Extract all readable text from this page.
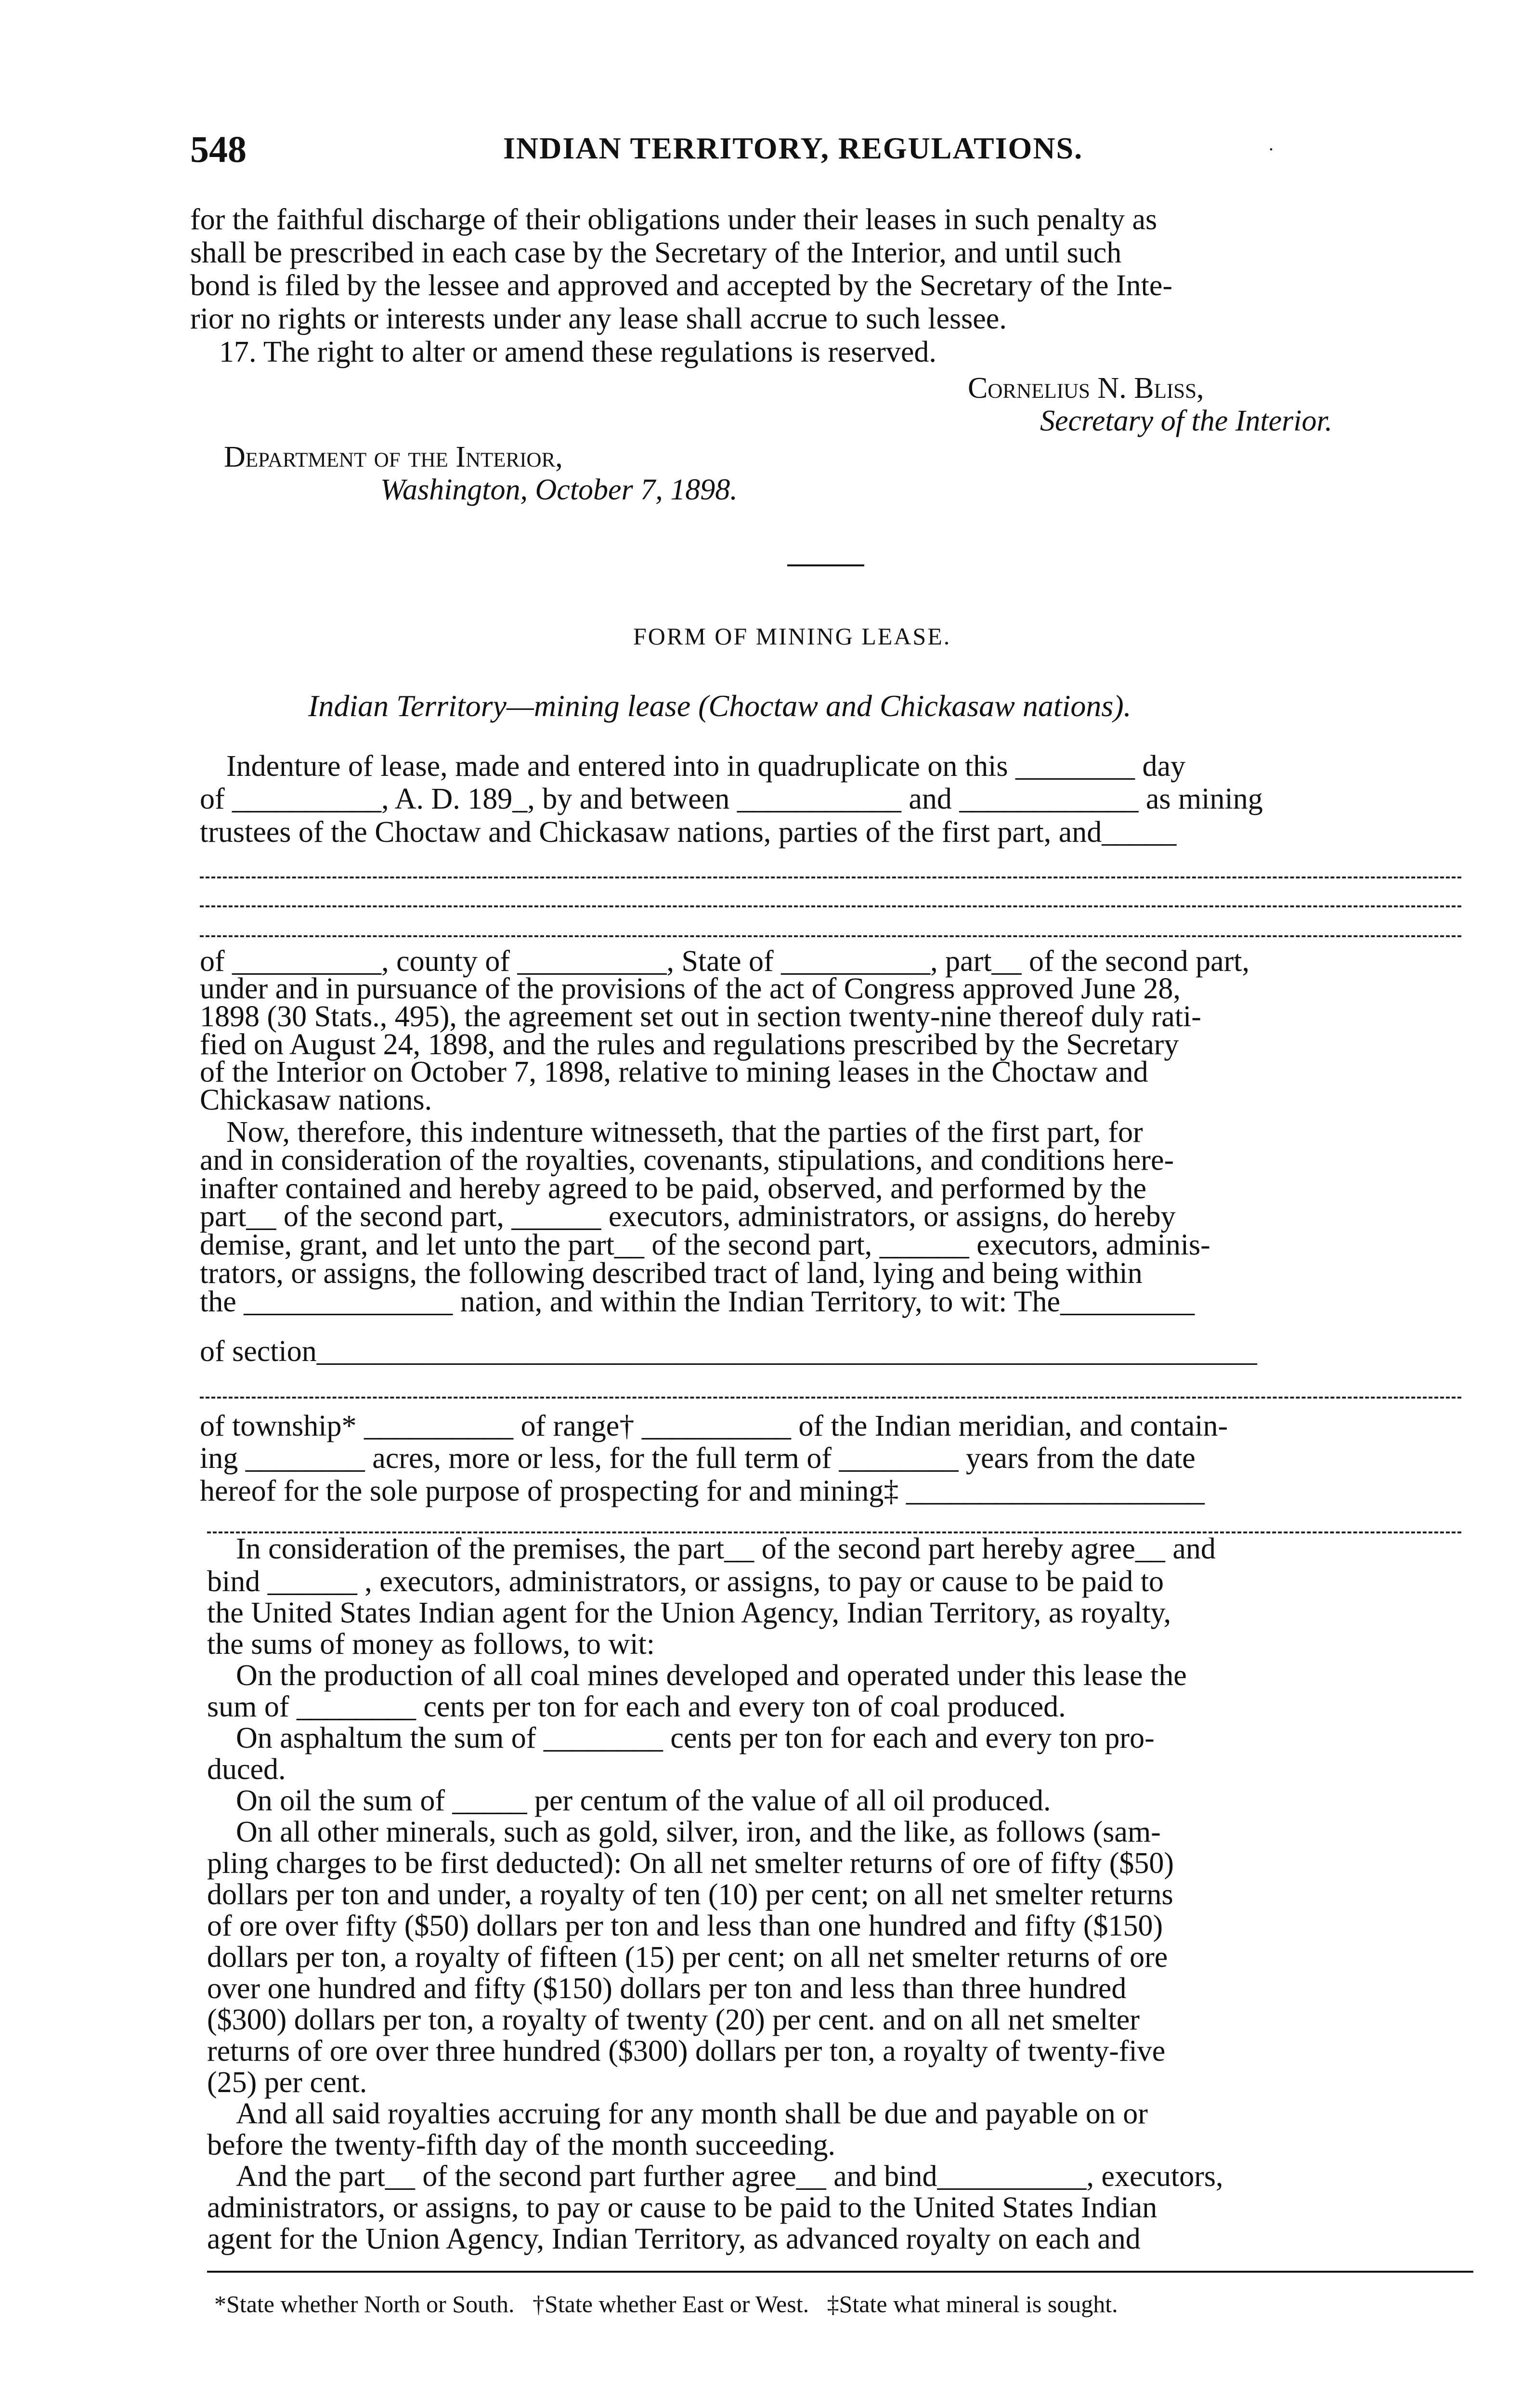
548	INDIAN TERRITORY, REGULATIONS.	.
for the faithful discharge of their obligations under their leases in such penalty as
shall be prescribed in each case by the Secretary of the Interior, and until such
bond is filed by the lessee and approved and accepted by the Secretary of the Inte-
rior no rights or interests under any lease shall accrue to such lessee.
17. The right to alter or amend these regulations is reserved.
Cornelius N. Bliss,
Secretary of the Interior.
Department of the Interior,
Washington, October 7, 1898.
FORM OF MINING LEASE.
Indian Territory—mining lease (Choctaw and Chickasaw nations).
Indenture of lease, made and entered into in quadruplicate on this ________ day
of __________, A. D. 189_, by and between ___________ and ____________ as mining
trustees of the Choctaw and Chickasaw nations, parties of the first part, and_____
of __________, county of __________, State of __________, part__ of the second part,
under and in pursuance of the provisions of the act of Congress approved June 28,
1898 (30 Stats., 495), the agreement set out in section twenty-nine thereof duly rati-
fied on August 24, 1898, and the rules and regulations prescribed by the Secretary
of the Interior on October 7, 1898, relative to mining leases in the Choctaw and
Chickasaw nations.
Now, therefore, this indenture witnesseth, that the parties of the first part, for
and in consideration of the royalties, covenants, stipulations, and conditions here-
inafter contained and hereby agreed to be paid, observed, and performed by the
part__ of the second part, ______ executors, administrators, or assigns, do hereby
demise, grant, and let unto the part__ of the second part, ______ executors, adminis-
trators, or assigns, the following described tract of land, lying and being within
the ______________ nation, and within the Indian Territory, to wit: The_________
of section_______________________________________________________________
of township* __________ of range† __________ of the Indian meridian, and contain-
ing ________ acres, more or less, for the full term of ________ years from the date
hereof for the sole purpose of prospecting for and mining‡ ____________________
In consideration of the premises, the part__ of the second part hereby agree__ and
bind ______ , executors, administrators, or assigns, to pay or cause to be paid to
the United States Indian agent for the Union Agency, Indian Territory, as royalty,
the sums of money as follows, to wit:
On the production of all coal mines developed and operated under this lease the
sum of ________ cents per ton for each and every ton of coal produced.
On asphaltum the sum of ________ cents per ton for each and every ton pro-
duced.
On oil the sum of _____ per centum of the value of all oil produced.
On all other minerals, such as gold, silver, iron, and the like, as follows (sam-
pling charges to be first deducted): On all net smelter returns of ore of fifty ($50)
dollars per ton and under, a royalty of ten (10) per cent; on all net smelter returns
of ore over fifty ($50) dollars per ton and less than one hundred and fifty ($150)
dollars per ton, a royalty of fifteen (15) per cent; on all net smelter returns of ore
over one hundred and fifty ($150) dollars per ton and less than three hundred
($300) dollars per ton, a royalty of twenty (20) per cent. and on all net smelter
returns of ore over three hundred ($300) dollars per ton, a royalty of twenty-five
(25) per cent.
And all said royalties accruing for any month shall be due and payable on or
before the twenty-fifth day of the month succeeding.
And the part__ of the second part further agree__ and bind__________, executors,
administrators, or assigns, to pay or cause to be paid to the United States Indian
agent for the Union Agency, Indian Territory, as advanced royalty on each and
*State whether North or South. †State whether East or West. ‡State what mineral is sought.
